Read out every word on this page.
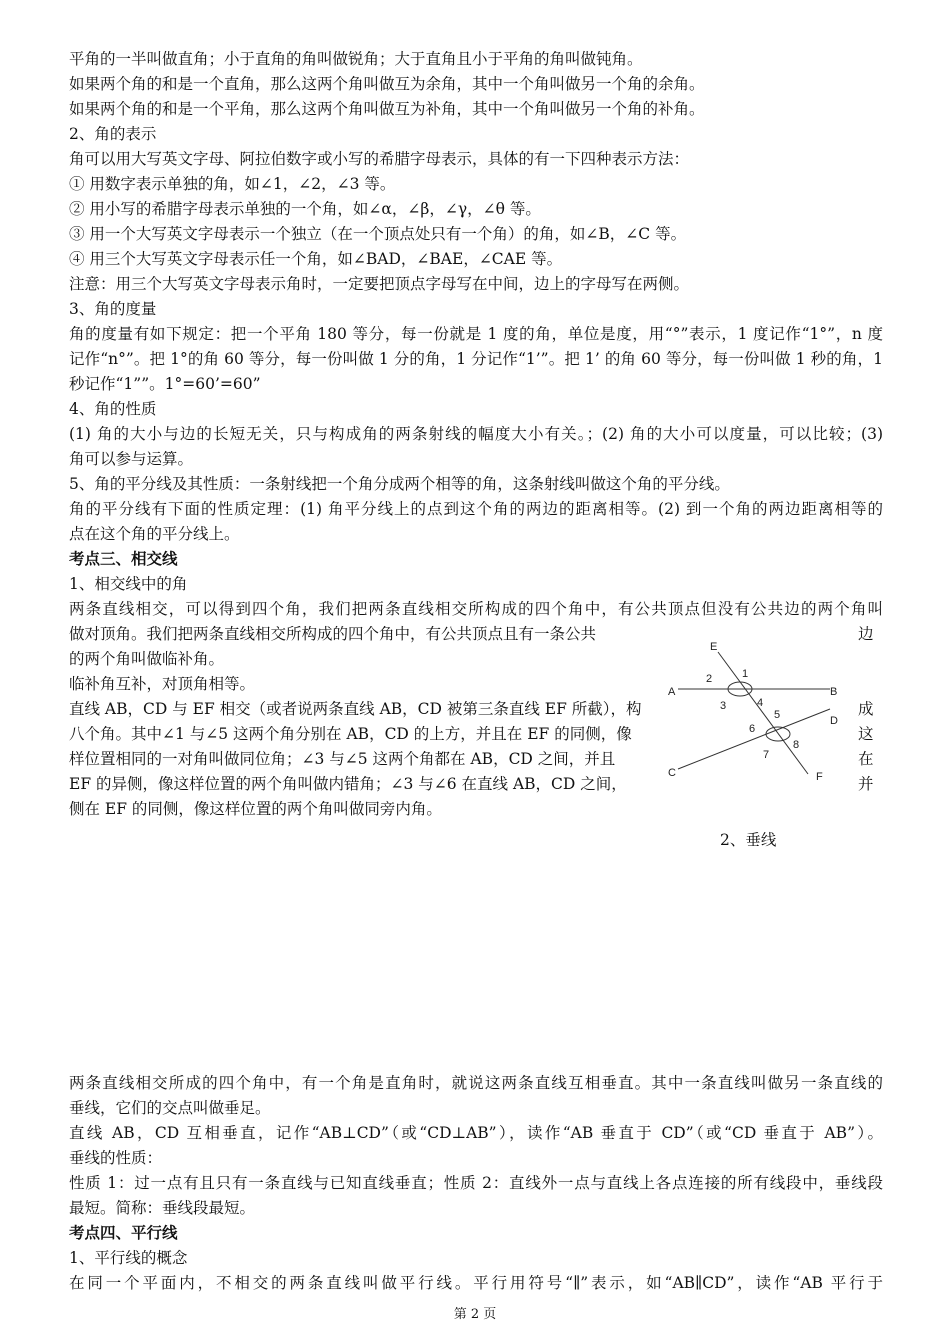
平角的一半叫做直角；小于直角的角叫做锐角；大于直角且小于平角的角叫做钝角。
如果两个角的和是一个直角，那么这两个角叫做互为余角，其中一个角叫做另一个角的余角。
如果两个角的和是一个平角，那么这两个角叫做互为补角，其中一个角叫做另一个角的补角。
2、角的表示
角可以用大写英文字母、阿拉伯数字或小写的希腊字母表示，具体的有一下四种表示方法：
① 用数字表示单独的角，如∠1，∠2，∠3 等。
② 用小写的希腊字母表示单独的一个角，如∠α，∠β，∠γ，∠θ 等。
③ 用一个大写英文字母表示一个独立（在一个顶点处只有一个角）的角，如∠B，∠C 等。
④ 用三个大写英文字母表示任一个角，如∠BAD，∠BAE，∠CAE 等。
注意：用三个大写英文字母表示角时，一定要把顶点字母写在中间，边上的字母写在两侧。
3、角的度量
角的度量有如下规定：把一个平角 180 等分，每一份就是 1 度的角，单位是度，用“°”表示，1 度记作“1°”，n 度
记作“n°”。把 1°的角 60 等分，每一份叫做 1 分的角，1 分记作“1’”。把 1’ 的角 60 等分，每一份叫做 1 秒的角，1
秒记作“1””。1°=60’=60”
4、角的性质
(1) 角的大小与边的长短无关，只与构成角的两条射线的幅度大小有关。；(2) 角的大小可以度量，可以比较；(3)
角可以参与运算。
5、角的平分线及其性质：一条射线把一个角分成两个相等的角，这条射线叫做这个角的平分线。
角的平分线有下面的性质定理：(1) 角平分线上的点到这个角的两边的距离相等。(2) 到一个角的两边距离相等的
点在这个角的平分线上。
考点三、相交线
1、相交线中的角
两条直线相交，可以得到四个角，我们把两条直线相交所构成的四个角中，有公共顶点但没有公共边的两个角叫
做对顶角。我们把两条直线相交所构成的四个角中，有公共顶点且有一条公共
的两个角叫做临补角。
临补角互补，对顶角相等。
直线 AB，CD 与 EF 相交（或者说两条直线 AB，CD 被第三条直线 EF 所截），构
八个角。其中∠1 与∠5 这两个角分别在 AB，CD 的上方，并且在 EF 的同侧，像
样位置相同的一对角叫做同位角；∠3 与∠5 这两个角都在 AB，CD 之间，并且
EF 的异侧，像这样位置的两个角叫做内错角；∠3 与∠6 在直线 AB，CD 之间，
侧在 EF 的同侧，像这样位置的两个角叫做同旁内角。
边
成
这
在
并
A	B
C
D
E
F
1
2
3	4
5
6
7
8
2、垂线
两条直线相交所成的四个角中，有一个角是直角时，就说这两条直线互相垂直。其中一条直线叫做另一条直线的
垂线，它们的交点叫做垂足。
直线 AB，CD 互相垂直，记作“AB⊥CD”（或“CD⊥AB”），读作“AB 垂直于 CD”（或“CD 垂直于 AB”）。
垂线的性质：
性质 1：过一点有且只有一条直线与已知直线垂直；性质 2：直线外一点与直线上各点连接的所有线段中，垂线段
最短。简称：垂线段最短。
考点四、平行线
1、平行线的概念
在同一个平面内，不相交的两条直线叫做平行线。平行用符号“∥”表示，如“AB∥CD”，读作“AB 平行于
第 2 页
